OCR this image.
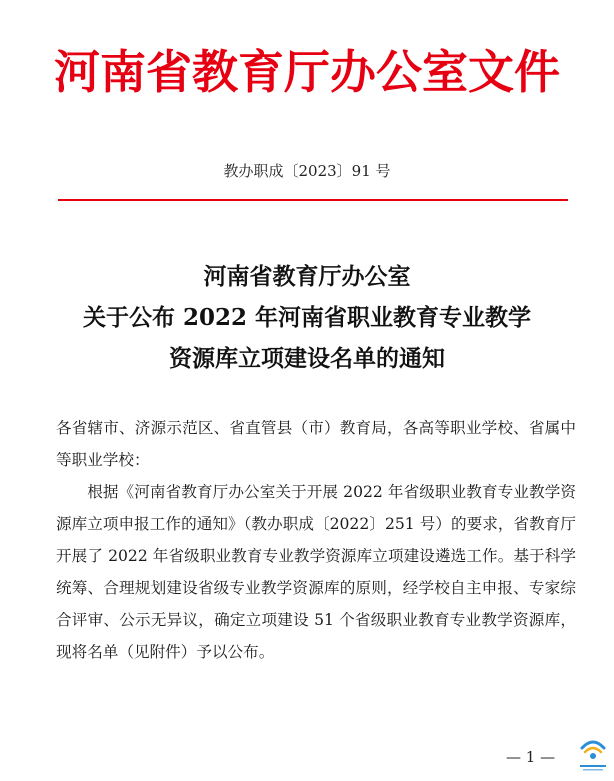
河南省教育厅办公室文件
教办职成〔2023〕91 号
河南省教育厅办公室
关于公布 2022 年河南省职业教育专业教学
资源库立项建设名单的通知

各省辖市、济源示范区、省直管县（市）教育局，各高等职业学校、省属中等职业学校：

根据《河南省教育厅办公室关于开展 2022 年省级职业教育专业教学资源库立项申报工作的通知》（教办职成〔2022〕251 号）的要求，省教育厅开展了 2022 年省级职业教育专业教学资源库立项建设遴选工作。基于科学统筹、合理规划建设省级专业教学资源库的原则，经学校自主申报、专家综合评审、公示无异议，确定立项建设 51 个省级职业教育专业教学资源库，现将名单（见附件）予以公布。

— 1 —
